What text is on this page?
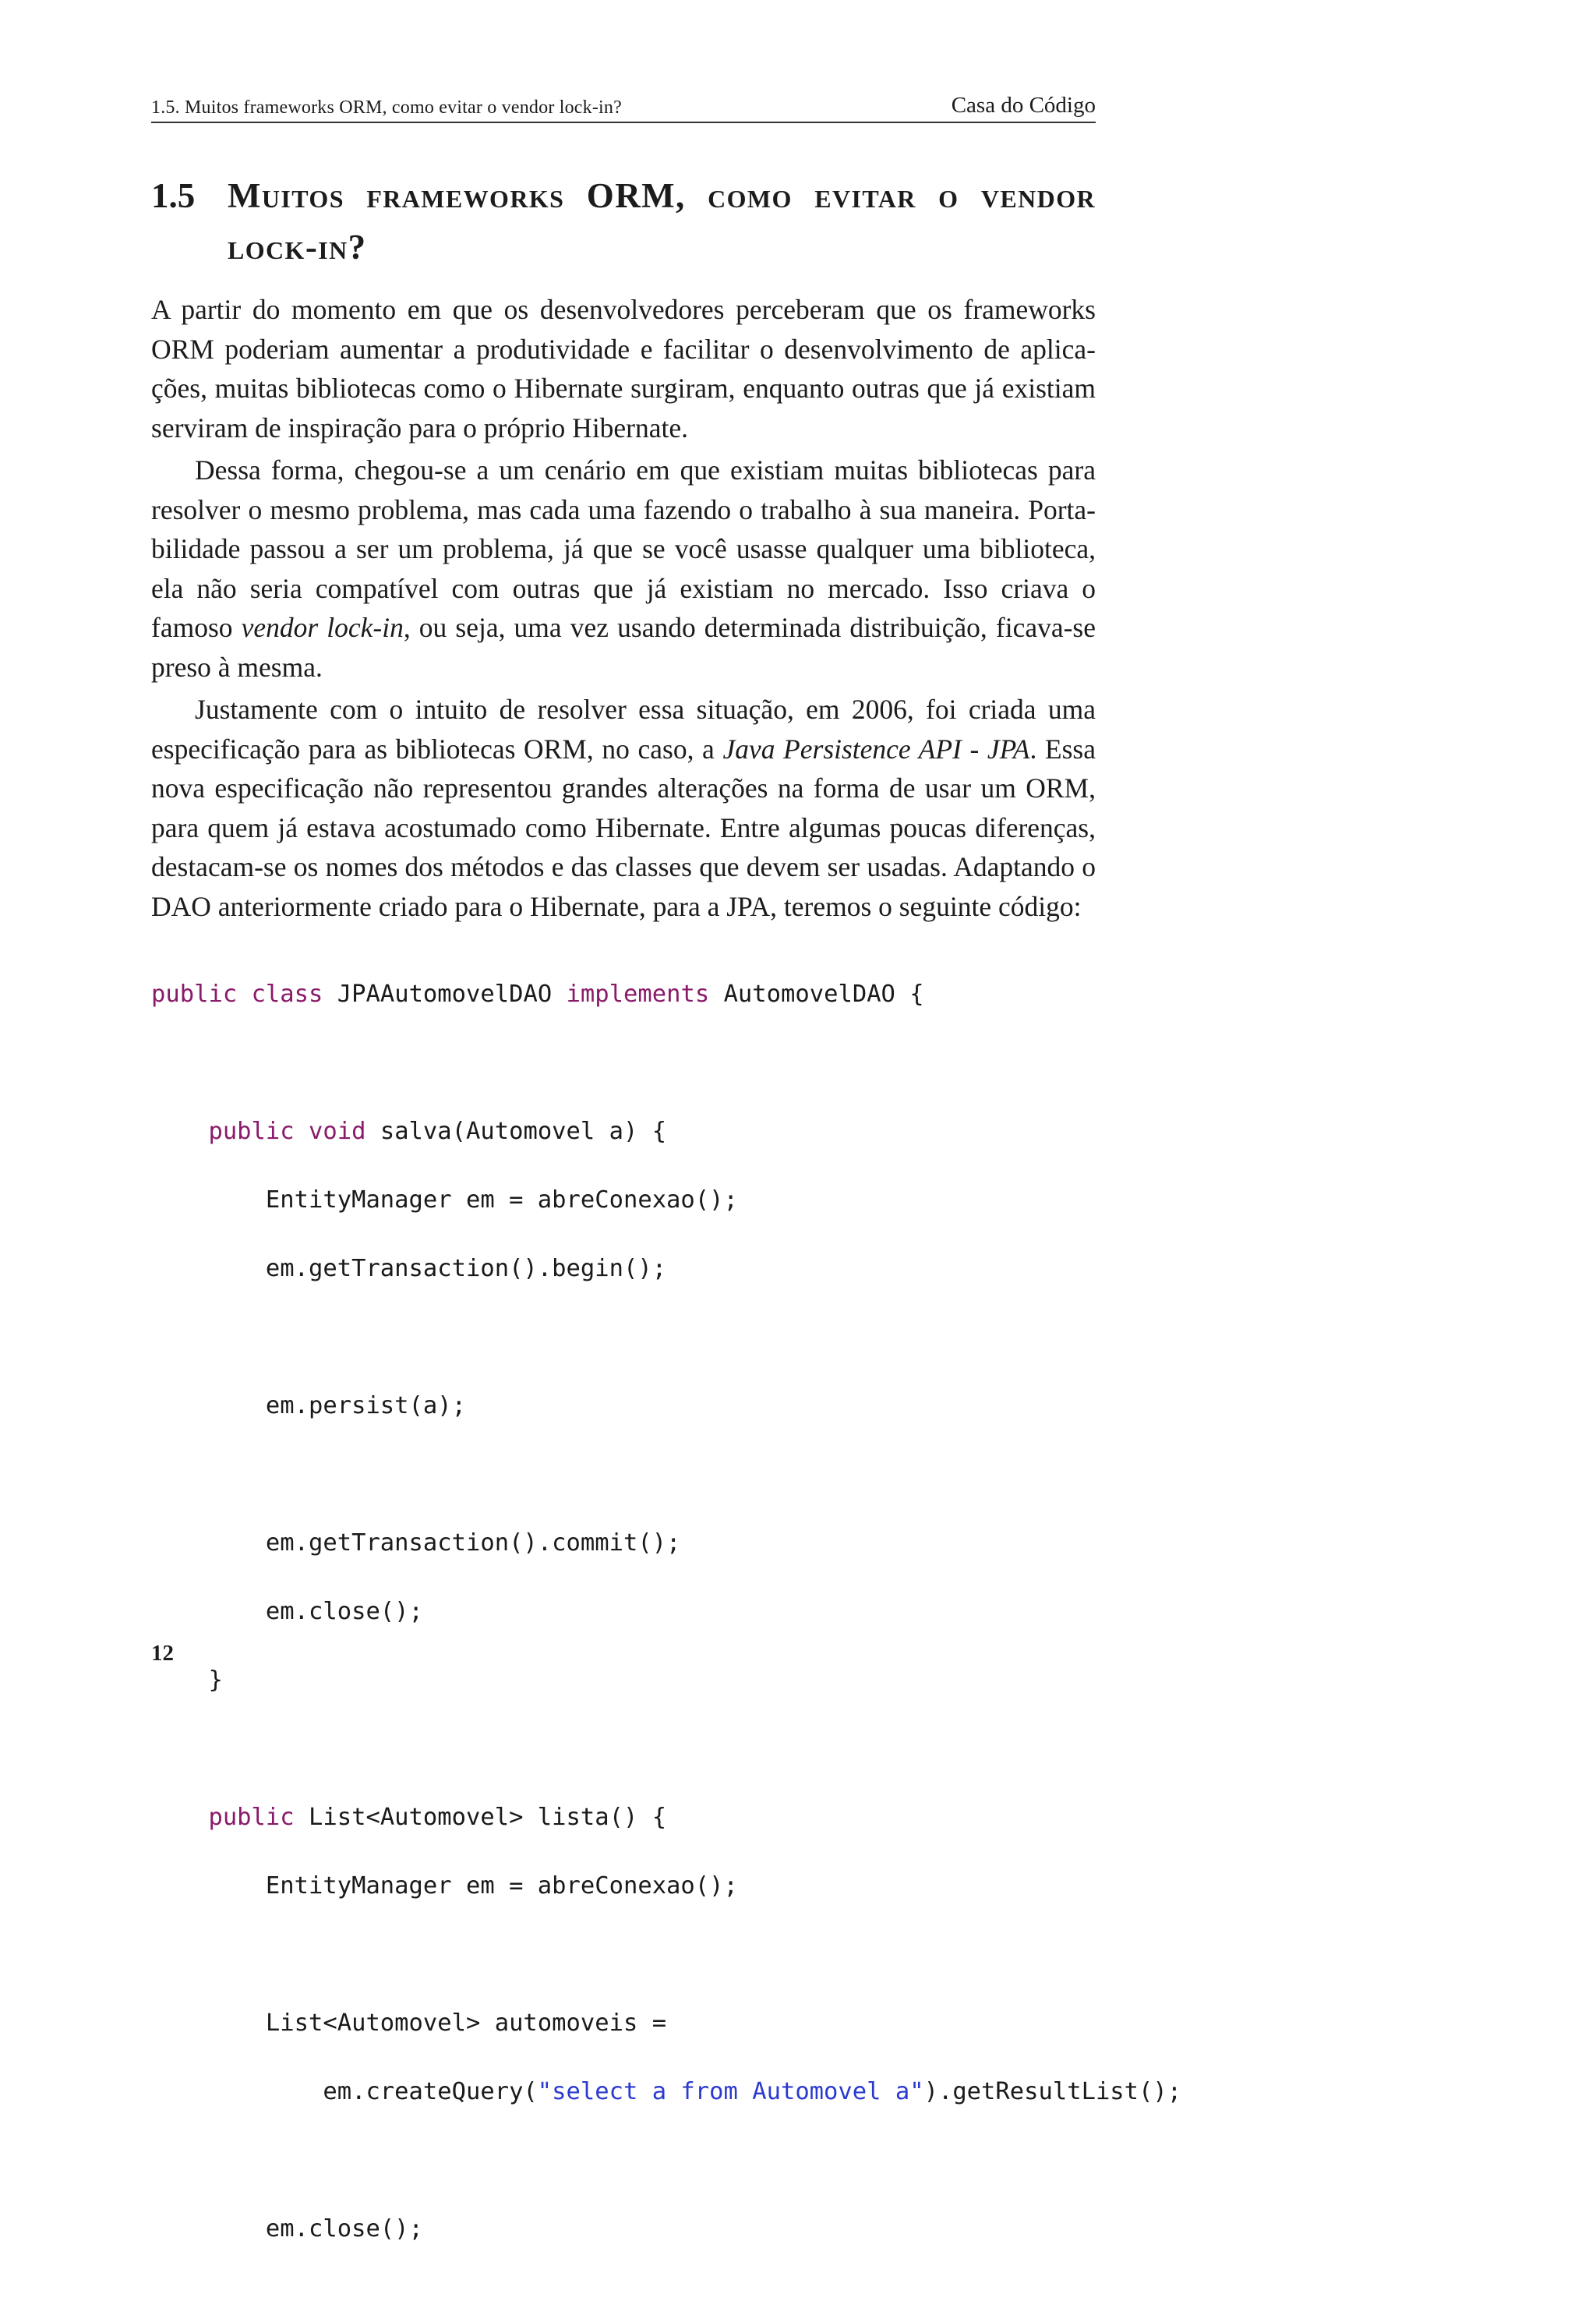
1.5. Muitos frameworks ORM, como evitar o vendor lock-in?	Casa do Código
1.5 Muitos frameworks ORM, como evitar o vendor lock-in?

A partir do momento em que os desenvolvedores perceberam que os frameworks ORM poderiam aumentar a produtividade e facilitar o desenvolvimento de aplicações, muitas bibliotecas como o Hibernate surgiram, enquanto outras que já existiam serviram de inspiração para o próprio Hibernate.

Dessa forma, chegou-se a um cenário em que existiam muitas bibliotecas para resolver o mesmo problema, mas cada uma fazendo o trabalho à sua maneira. Portabilidade passou a ser um problema, já que se você usasse qualquer uma biblioteca, ela não seria compatível com outras que já existiam no mercado. Isso criava o famoso vendor lock-in, ou seja, uma vez usando determinada distribuição, ficava-se preso à mesma.

Justamente com o intuito de resolver essa situação, em 2006, foi criada uma especificação para as bibliotecas ORM, no caso, a Java Persistence API - JPA. Essa nova especificação não representou grandes alterações na forma de usar um ORM, para quem já estava acostumado como Hibernate. Entre algumas poucas diferenças, destacam-se os nomes dos métodos e das classes que devem ser usadas. Adaptando o DAO anteriormente criado para o Hibernate, para a JPA, teremos o seguinte código:

public class JPAAutomovelDAO implements AutomovelDAO {

public void salva(Automovel a) {

EntityManager em = abreConexao();

em.getTransaction().begin();

em.persist(a);

em.getTransaction().commit();

em.close();

}

public List<Automovel> lista() {

EntityManager em = abreConexao();

List<Automovel> automoveis =

em.createQuery("select a from Automovel a").getResultList();

em.close();

12
